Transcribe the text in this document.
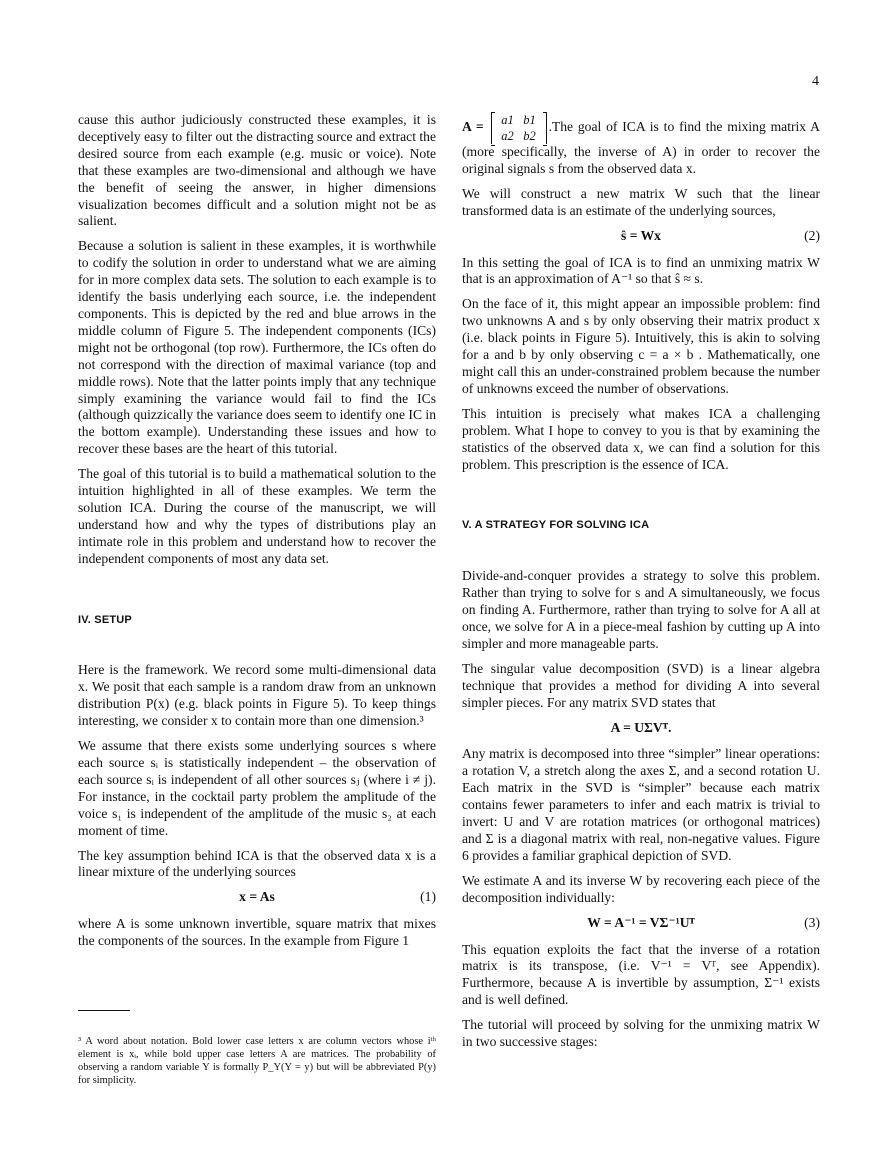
4

cause this author judiciously constructed these examples, it is deceptively easy to filter out the distracting source and extract the desired source from each example (e.g. music or voice). Note that these examples are two-dimensional and although we have the benefit of seeing the answer, in higher dimensions visualization becomes difficult and a solution might not be as salient.

Because a solution is salient in these examples, it is worthwhile to codify the solution in order to understand what we are aiming for in more complex data sets. The solution to each example is to identify the basis underlying each source, i.e. the independent components. This is depicted by the red and blue arrows in the middle column of Figure 5. The independent components (ICs) might not be orthogonal (top row). Furthermore, the ICs often do not correspond with the direction of maximal variance (top and middle rows). Note that the latter points imply that any technique simply examining the variance would fail to find the ICs (although quizzically the variance does seem to identify one IC in the bottom example). Understanding these issues and how to recover these bases are the heart of this tutorial.

The goal of this tutorial is to build a mathematical solution to the intuition highlighted in all of these examples. We term the solution ICA. During the course of the manuscript, we will understand how and why the types of distributions play an intimate role in this problem and understand how to recover the independent components of most any data set.

IV. SETUP

Here is the framework. We record some multi-dimensional data x. We posit that each sample is a random draw from an unknown distribution P(x) (e.g. black points in Figure 5). To keep things interesting, we consider x to contain more than one dimension.³

We assume that there exists some underlying sources s where each source sᵢ is statistically independent – the observation of each source sᵢ is independent of all other sources sⱼ (where i ≠ j). For instance, in the cocktail party problem the amplitude of the voice s₁ is independent of the amplitude of the music s₂ at each moment of time.

The key assumption behind ICA is that the observed data x is a linear mixture of the underlying sources

x = As	(1)

where A is some unknown invertible, square matrix that mixes the components of the sources. In the example from Figure 1

³ A word about notation. Bold lower case letters x are column vectors whose iᵗʰ element is xᵢ, while bold upper case letters A are matrices. The probability of observing a random variable Y is formally P_Y(Y = y) but will be abbreviated P(y) for simplicity.

A =	a1 b1
a2 b2
.The goal of ICA is to find the mixing matrix A (more specifically, the inverse of A) in order to recover the original signals s from the observed data x.

We will construct a new matrix W such that the linear transformed data is an estimate of the underlying sources,

ŝ = Wx	(2)

In this setting the goal of ICA is to find an unmixing matrix W that is an approximation of A⁻¹ so that ŝ ≈ s.

On the face of it, this might appear an impossible problem: find two unknowns A and s by only observing their matrix product x (i.e. black points in Figure 5). Intuitively, this is akin to solving for a and b by only observing c = a × b . Mathematically, one might call this an under-constrained problem because the number of unknowns exceed the number of observations.

This intuition is precisely what makes ICA a challenging problem. What I hope to convey to you is that by examining the statistics of the observed data x, we can find a solution for this problem. This prescription is the essence of ICA.

V. A STRATEGY FOR SOLVING ICA

Divide-and-conquer provides a strategy to solve this problem. Rather than trying to solve for s and A simultaneously, we focus on finding A. Furthermore, rather than trying to solve for A all at once, we solve for A in a piece-meal fashion by cutting up A into simpler and more manageable parts.

The singular value decomposition (SVD) is a linear algebra technique that provides a method for dividing A into several simpler pieces. For any matrix SVD states that

A = UΣVᵀ.

Any matrix is decomposed into three “simpler” linear operations: a rotation V, a stretch along the axes Σ, and a second rotation U. Each matrix in the SVD is “simpler” because each matrix contains fewer parameters to infer and each matrix is trivial to invert: U and V are rotation matrices (or orthogonal matrices) and Σ is a diagonal matrix with real, non-negative values. Figure 6 provides a familiar graphical depiction of SVD.

We estimate A and its inverse W by recovering each piece of the decomposition individually:

W = A⁻¹ = VΣ⁻¹Uᵀ	(3)

This equation exploits the fact that the inverse of a rotation matrix is its transpose, (i.e. V⁻¹ = Vᵀ, see Appendix). Furthermore, because A is invertible by assumption, Σ⁻¹ exists and is well defined.

The tutorial will proceed by solving for the unmixing matrix W in two successive stages:
